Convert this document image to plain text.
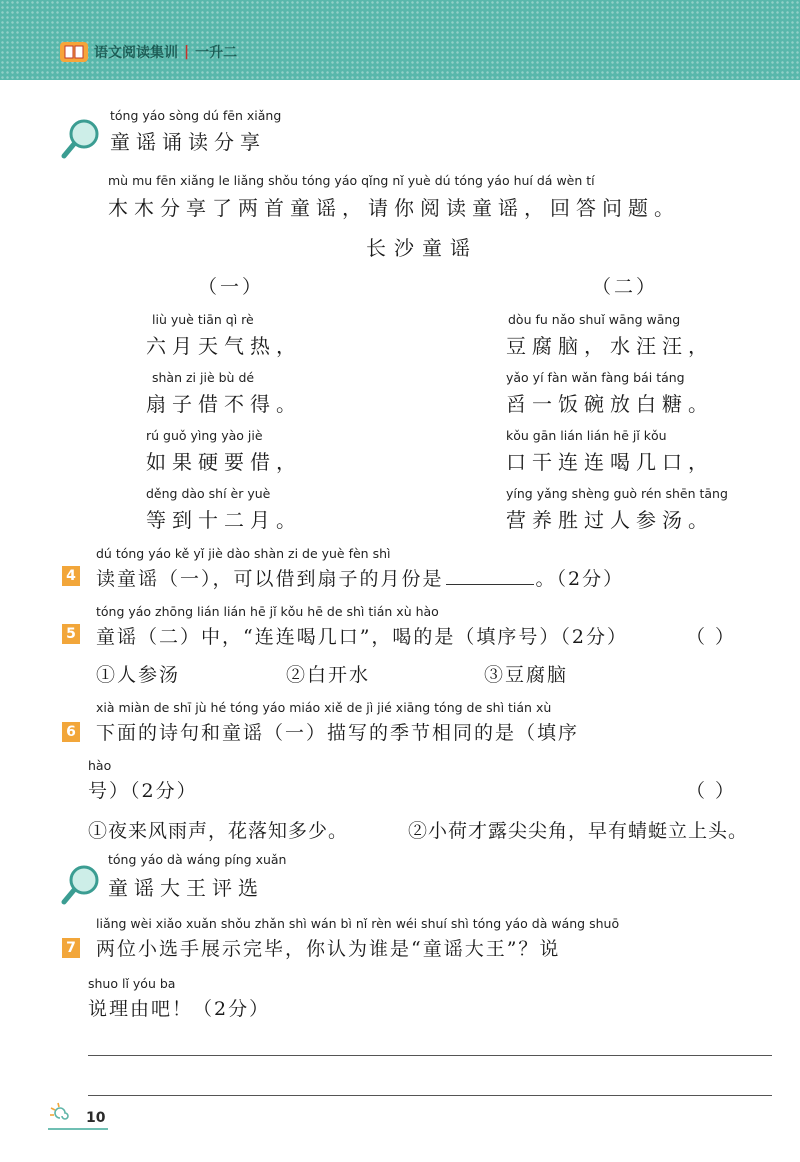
语文阅读集训 | 一升二
tóng yáo sòng dú fēn xiǎng
童谣诵读分享
mù mu fēn xiǎng le liǎng shǒu tóng yáo qǐng nǐ yuè dú tóng yáo huí dá wèn tí
木木分享了两首童谣，请你阅读童谣，回答问题。
长沙童谣
（一）
liù yuè tiān qì rè
六月天气热，
shàn zi jiè bù dé
扇子借不得。
rú guǒ yìng yào jiè
如果硬要借，
děng dào shí èr yuè
等到十二月。
（二）
dòu fu nǎo shuǐ wāng wāng
豆腐脑，水汪汪，
yǎo yí fàn wǎn fàng bái táng
舀一饭碗放白糖。
kǒu gān lián lián hē jǐ kǒu
口干连连喝几口，
yíng yǎng shèng guò rén shēn tāng
营养胜过人参汤。
4
dú tóng yáo kě yǐ jiè dào shàn zi de yuè fèn shì
读童谣（一），可以借到扇子的月份是	。（2分）
5
tóng yáo zhōng lián lián hē jǐ kǒu hē de shì tián xù hào
童谣（二）中，“连连喝几口”，喝的是（填序号）（2分）	（ ）
①人参汤	②白开水	③豆腐脑
6
xià miàn de shī jù hé tóng yáo miáo xiě de jì jié xiāng tóng de shì tián xù
下面的诗句和童谣（一）描写的季节相同的是（填序
hào
号）（2分）	（ ）
①夜来风雨声，花落知多少。	②小荷才露尖尖角，早有蜻蜓立上头。
tóng yáo dà wáng píng xuǎn
童谣大王评选
7
liǎng wèi xiǎo xuǎn shǒu zhǎn shì wán bì nǐ rèn wéi shuí shì tóng yáo dà wáng shuō
两位小选手展示完毕，你认为谁是“童谣大王”？说
shuo lǐ yóu ba
说理由吧！（2分）
10
